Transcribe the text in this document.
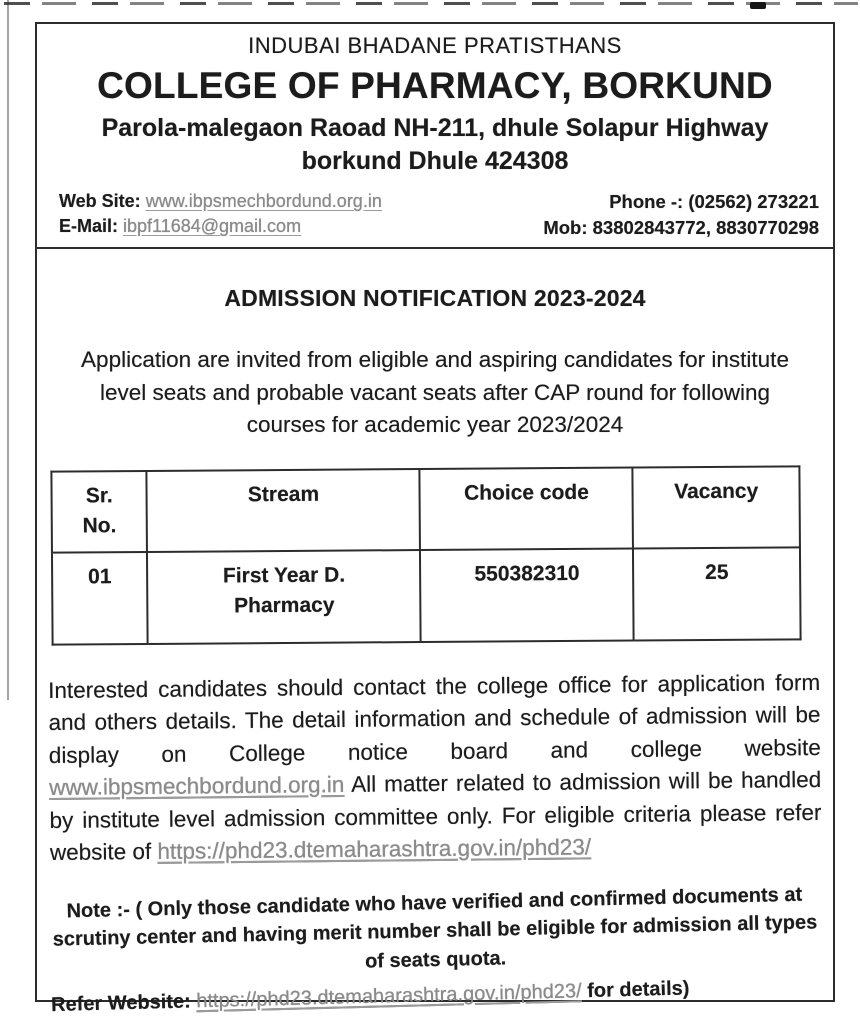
INDUBAI BHADANE PRATISTHANS
COLLEGE OF PHARMACY, BORKUND
Parola-malegaon Raoad NH-211, dhule Solapur Highway
borkund Dhule 424308
Web Site: www.ibpsmechbordund.org.in
E-Mail: ibpf11684@gmail.com
Phone -: (02562) 273221
Mob: 83802843772, 8830770298
ADMISSION NOTIFICATION 2023-2024

Application are invited from eligible and aspiring candidates for institute level seats and probable vacant seats after CAP round for following courses for academic year 2023/2024

Sr. No.	Stream	Choice code	Vacancy
01	First Year D. Pharmacy	550382310	25

Interested candidates should contact the college office for application form and others details. The detail information and schedule of admission will be display on College notice board and college website www.ibpsmechbordund.org.in All matter related to admission will be handled by institute level admission committee only. For eligible criteria please refer website of https://phd23.dtemaharashtra.gov.in/phd23/

Note :- ( Only those candidate who have verified and confirmed documents at scrutiny center and having merit number shall be eligible for admission all types of seats quota.

Refer Website: https://phd23.dtemaharashtra.gov.in/phd23/ for details)
